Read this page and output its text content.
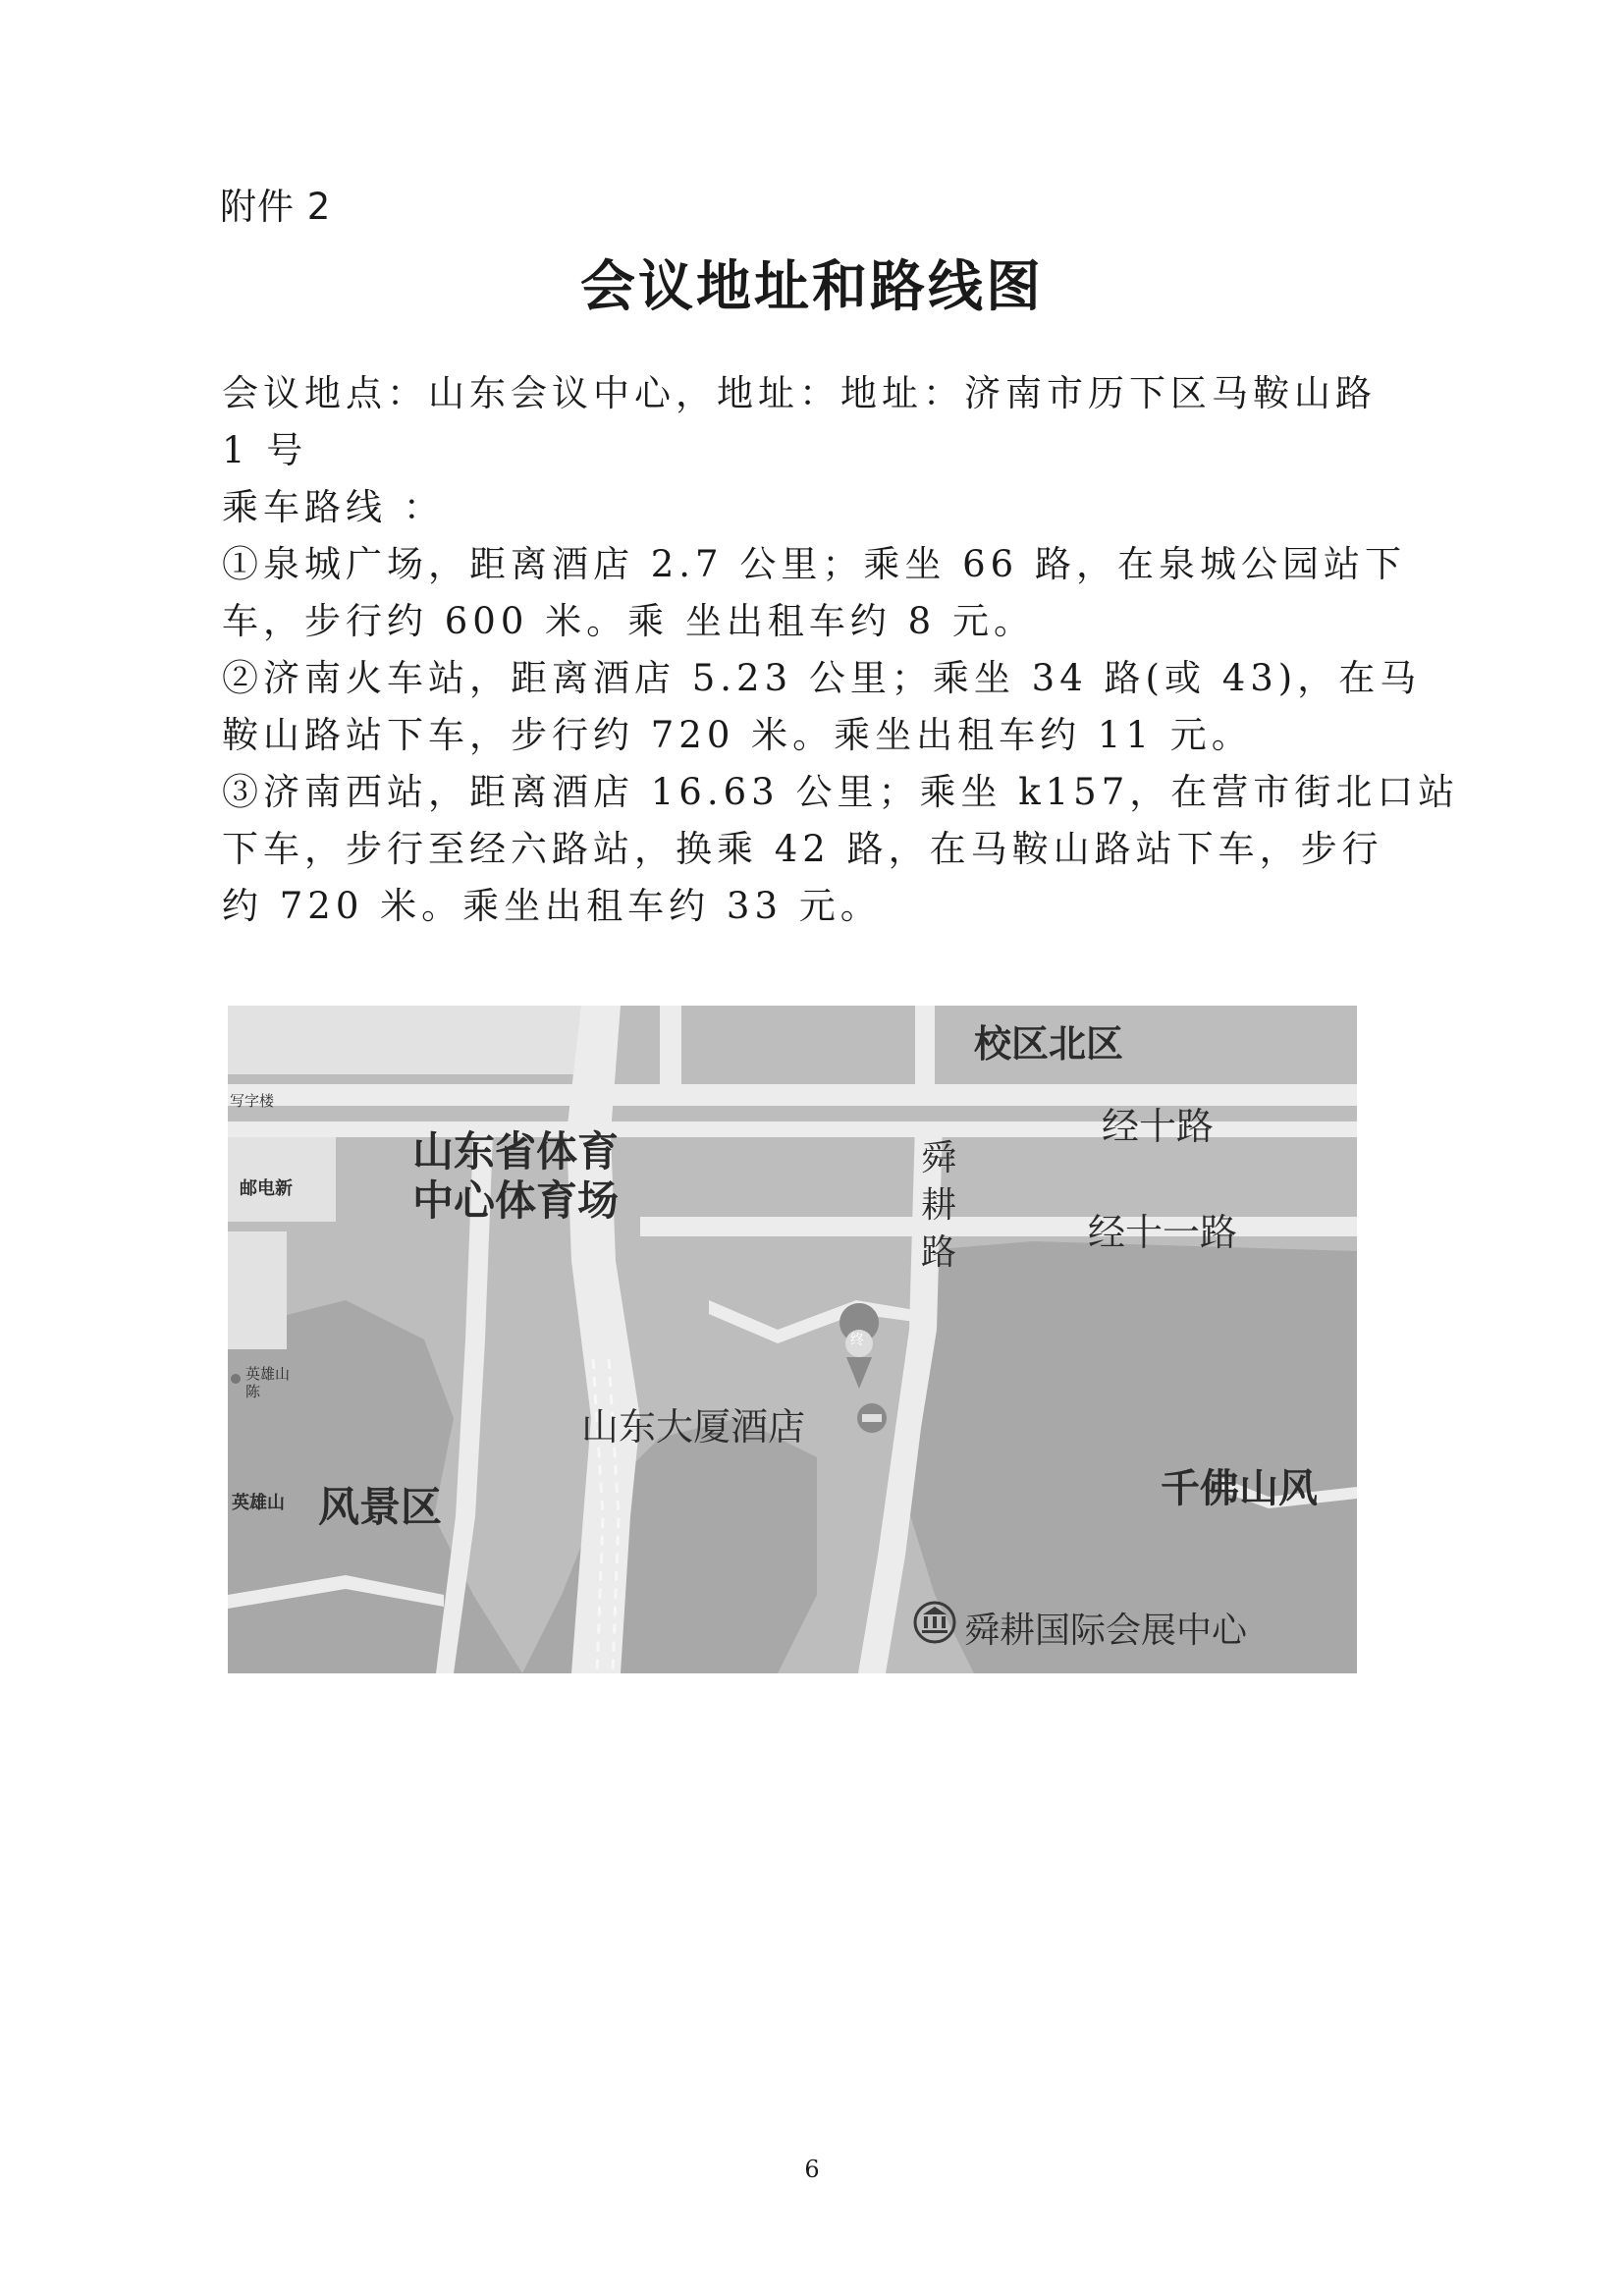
附件 2
会议地址和路线图
会议地点：山东会议中心，地址：地址：济南市历下区马鞍山路
1 号
乘车路线 ：
①泉城广场，距离酒店 2.7 公里；乘坐 66 路，在泉城公园站下
车，步行约 600 米。乘 坐出租车约 8 元。
②济南火车站，距离酒店 5.23 公里；乘坐 34 路(或 43)，在马
鞍山路站下车，步行约 720 米。乘坐出租车约 11 元。
③济南西站，距离酒店 16.63 公里；乘坐 k157，在营市街北口站
下车，步行至经六路站，换乘 42 路，在马鞍山路站下车，步行
约 720 米。乘坐出租车约 33 元。
校区北区
写字楼
邮电新
山东省体育
中心体育场
经十路
经十一路
舜
耕
路
英雄山
陈
终
山东大厦酒店
英雄山 风景区	千佛山风
舜耕国际会展中心
6
